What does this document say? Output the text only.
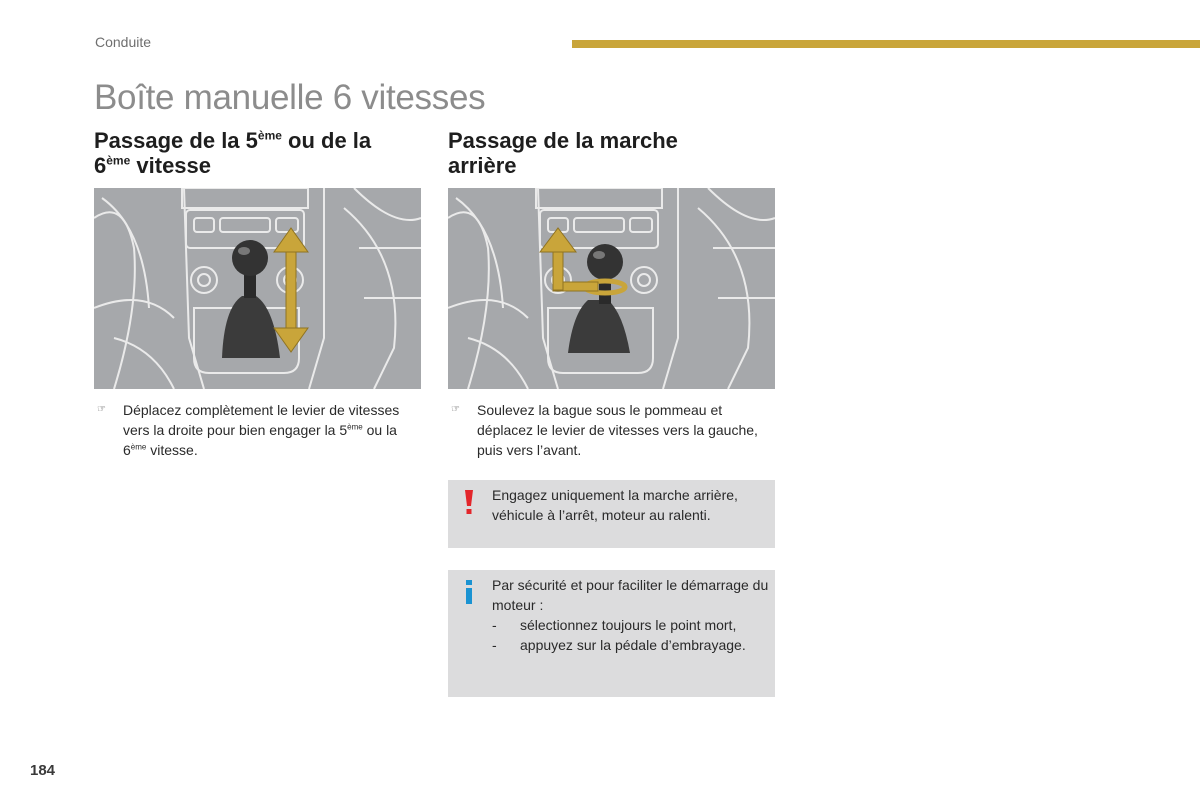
Conduite
Boîte manuelle 6 vitesses
Passage de la 5ème ou de la
6ème vitesse
☞ Déplacez complètement le levier de vitesses vers la droite pour bien engager la 5ème ou la 6ème vitesse.
Passage de la marche
arrière
☞ Soulevez la bague sous le pommeau et déplacez le levier de vitesses vers la gauche, puis vers l’avant.
Engagez uniquement la marche arrière, véhicule à l’arrêt, moteur au ralenti.
Par sécurité et pour faciliter le démarrage du moteur :
- sélectionnez toujours le point mort,
- appuyez sur la pédale d’embrayage.
184
